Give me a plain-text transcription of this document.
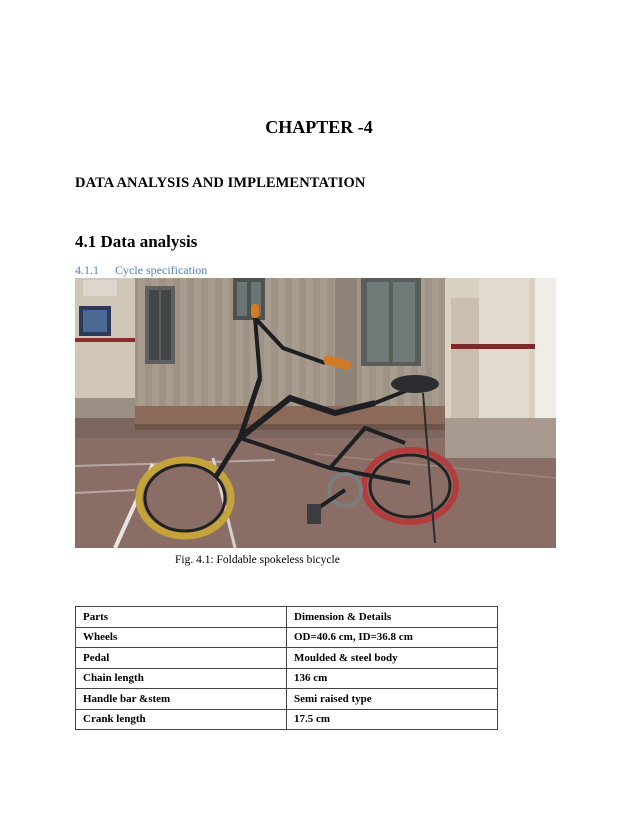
CHAPTER -4
DATA ANALYSIS AND IMPLEMENTATION
4.1 Data analysis

4.1.1 Cycle specification

Fig. 4.1: Foldable spokeless bicycle

Parts	Dimension & Details
Wheels	OD=40.6 cm, ID=36.8 cm
Pedal	Moulded & steel body
Chain length	136 cm
Handle bar &stem	Semi raised type
Crank length	17.5 cm
